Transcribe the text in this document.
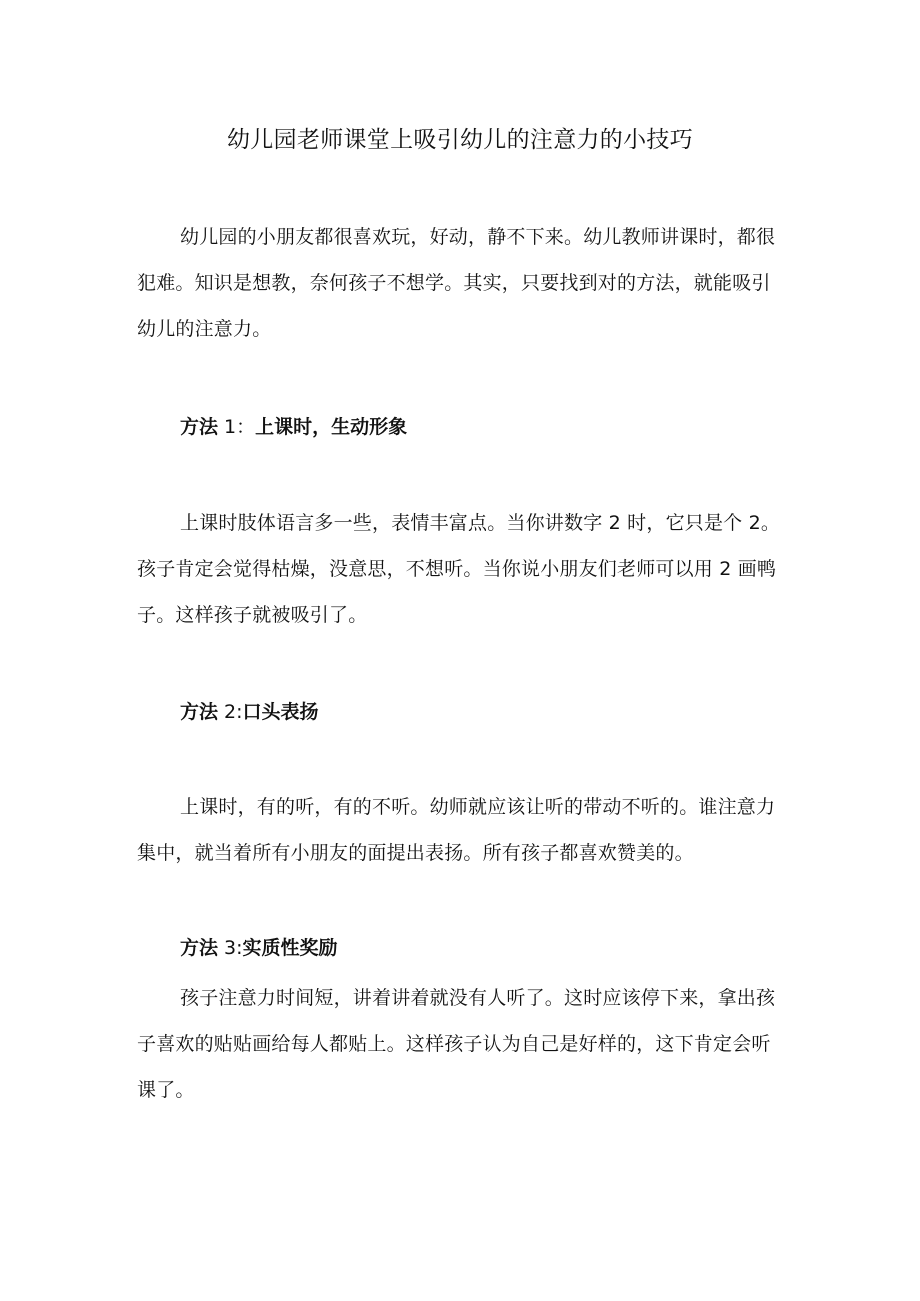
幼儿园老师课堂上吸引幼儿的注意力的小技巧

幼儿园的小朋友都很喜欢玩，好动，静不下来。幼儿教师讲课时，都很犯难。知识是想教，奈何孩子不想学。其实，只要找到对的方法，就能吸引幼儿的注意力。

方法 1：上课时，生动形象

上课时肢体语言多一些，表情丰富点。当你讲数字 2 时，它只是个 2。孩子肯定会觉得枯燥，没意思，不想听。当你说小朋友们老师可以用 2 画鸭子。这样孩子就被吸引了。

方法 2:口头表扬

上课时，有的听，有的不听。幼师就应该让听的带动不听的。谁注意力集中，就当着所有小朋友的面提出表扬。所有孩子都喜欢赞美的。

方法 3:实质性奖励

孩子注意力时间短，讲着讲着就没有人听了。这时应该停下来，拿出孩子喜欢的贴贴画给每人都贴上。这样孩子认为自己是好样的，这下肯定会听课了。
